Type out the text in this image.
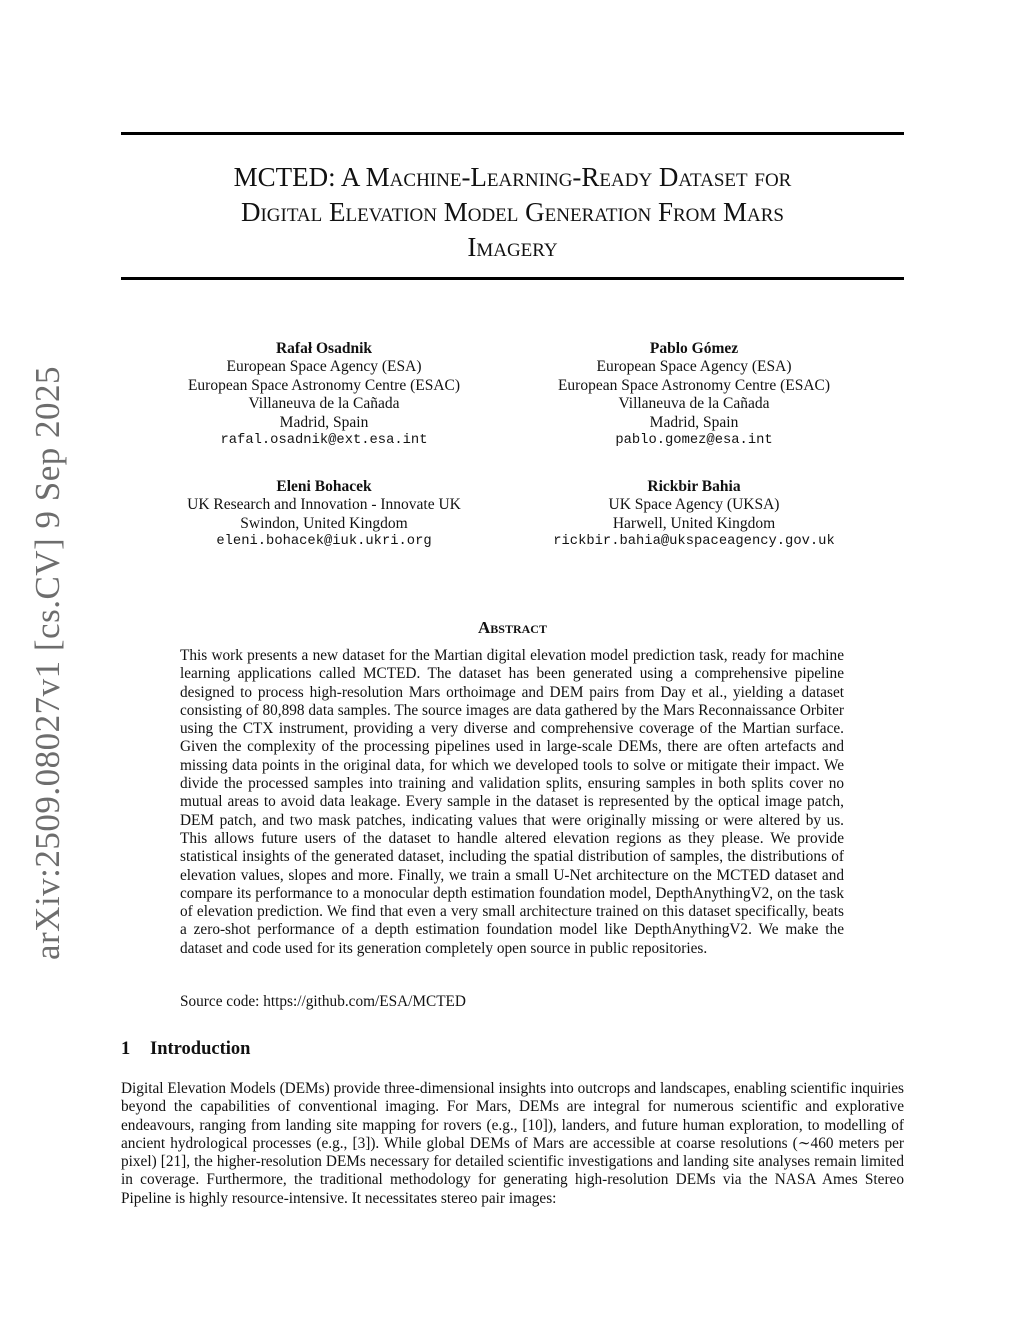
arXiv:2509.08027v1 [cs.CV] 9 Sep 2025
MCTED: A Machine-Learning-Ready Dataset for
Digital Elevation Model Generation From Mars
Imagery
Rafał Osadnik
European Space Agency (ESA)
European Space Astronomy Centre (ESAC)
Villaneuva de la Cañada
Madrid, Spain
rafal.osadnik@ext.esa.int
Pablo Gómez
European Space Agency (ESA)
European Space Astronomy Centre (ESAC)
Villaneuva de la Cañada
Madrid, Spain
pablo.gomez@esa.int
Eleni Bohacek
UK Research and Innovation - Innovate UK
Swindon, United Kingdom
eleni.bohacek@iuk.ukri.org
Rickbir Bahia
UK Space Agency (UKSA)
Harwell, United Kingdom
rickbir.bahia@ukspaceagency.gov.uk
Abstract

This work presents a new dataset for the Martian digital elevation model prediction task, ready for machine learning applications called MCTED. The dataset has been generated using a comprehensive pipeline designed to process high-resolution Mars orthoimage and DEM pairs from Day et al., yielding a dataset consisting of 80,898 data samples. The source images are data gathered by the Mars Reconnaissance Orbiter using the CTX instrument, providing a very diverse and comprehensive coverage of the Martian surface. Given the complexity of the processing pipelines used in large-scale DEMs, there are often artefacts and missing data points in the original data, for which we developed tools to solve or mitigate their impact. We divide the processed samples into training and validation splits, ensuring samples in both splits cover no mutual areas to avoid data leakage. Every sample in the dataset is represented by the optical image patch, DEM patch, and two mask patches, indicating values that were originally missing or were altered by us. This allows future users of the dataset to handle altered elevation regions as they please. We provide statistical insights of the generated dataset, including the spatial distribution of samples, the distributions of elevation values, slopes and more. Finally, we train a small U-Net architecture on the MCTED dataset and compare its performance to a monocular depth estimation foundation model, DepthAnythingV2, on the task of elevation prediction. We find that even a very small architecture trained on this dataset specifically, beats a zero-shot performance of a depth estimation foundation model like DepthAnythingV2. We make the dataset and code used for its generation completely open source in public repositories.

Source code: https://github.com/ESA/MCTED

1 Introduction

Digital Elevation Models (DEMs) provide three-dimensional insights into outcrops and landscapes, enabling scientific inquiries beyond the capabilities of conventional imaging. For Mars, DEMs are integral for numerous scientific and explorative endeavours, ranging from landing site mapping for rovers (e.g., [10]), landers, and future human exploration, to modelling of ancient hydrological processes (e.g., [3]). While global DEMs of Mars are accessible at coarse resolutions (∼460 meters per pixel) [21], the higher-resolution DEMs necessary for detailed scientific investigations and landing site analyses remain limited in coverage. Furthermore, the traditional methodology for generating high-resolution DEMs via the NASA Ames Stereo Pipeline is highly resource-intensive. It necessitates stereo pair images:
